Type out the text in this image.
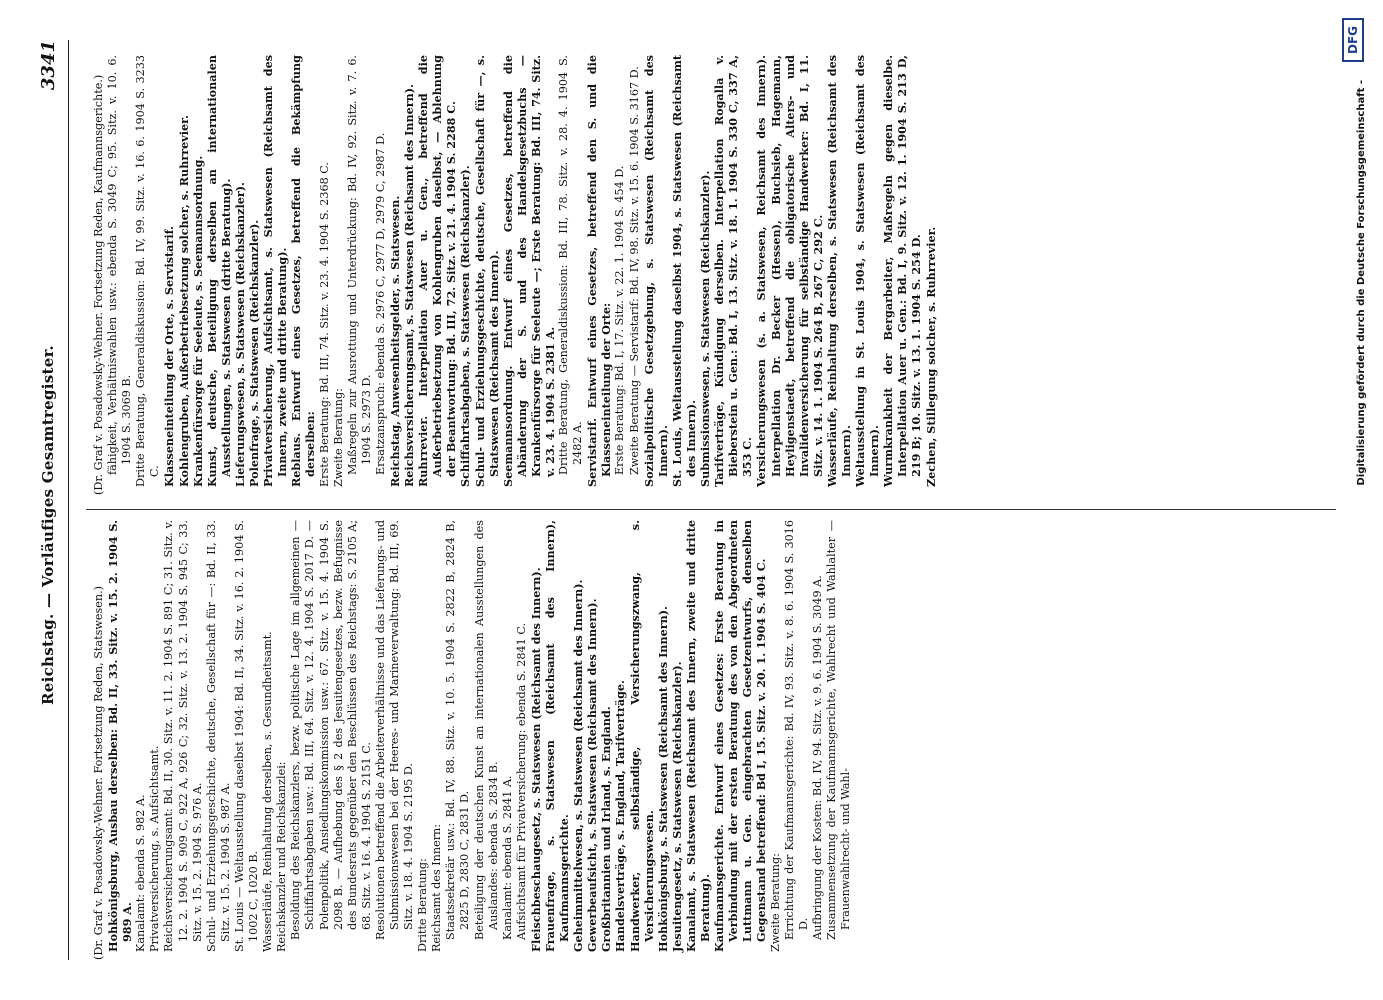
Reichstag. — Vorläufiges Gesamtregister.
3341

(Dr. Graf v. Posadowsky-Wehner. Fortsetzung Reden, Statswesen.) Hohkönigsburg, Ausbau derselben: Bd. II, 33. Sitz. v. 15. 2. 1904 S. 989 A. Kanalamt: ebenda S. 982 A. Privatversicherung, s. Aufsichtsamt. Reichsversicherungsamt: Bd. II, 30. Sitz. v. 11. 2. 1904 S. 891 C; 31. Sitz. v. 12. 2. 1904 S. 909 C, 922 A, 926 C; 32. Sitz. v. 13. 2. 1904 S. 945 C; 33. Sitz. v. 15. 2. 1904 S. 976 A. Schul- und Erziehungsgeschichte, deutsche, Gesellschaft für —: Bd. II, 33. Sitz. v. 15. 2. 1904 S. 987 A. St. Louis — Weltausstellung daselbst 1904: Bd. II, 34. Sitz. v. 16. 2. 1904 S. 1002 C, 1020 B. Wasserläufe, Reinhaltung derselben, s. Gesundheitsamt. Reichskanzler und Reichskanzlei: Besoldung des Reichskanzlers, bezw. politische Lage im allgemeinen — Schiffahrtsabgaben usw.: Bd. III, 64. Sitz. v. 12. 4. 1904 S. 2017 D. — Polenpolitik, Ansiedlungskommission usw.: 67. Sitz. v. 15. 4. 1904 S. 2098 B. — Aufhebung des § 2 des Jesuitengesetzes, bezw. Befugnisse des Bundesrats gegenüber den Beschlüssen des Reichstags: S. 2105 A; 68. Sitz. v. 16. 4. 1904 S. 2151 C. Resolutionen betreffend die Arbeiterverhältnisse und das Lieferungs- und Submissionswesen bei der Heeres- und Marineverwaltung: Bd. III, 69. Sitz. v. 18. 4. 1904 S. 2195 D. Dritte Beratung: Reichsamt des Innern: Staatssekretär usw.: Bd. IV, 88. Sitz. v. 10. 5. 1904 S. 2822 B, 2824 B, 2825 D, 2830 C, 2831 D. Beteiligung der deutschen Kunst an internationalen Ausstellungen des Auslandes: ebenda S. 2834 B. Kanalamt: ebenda S. 2841 A. Aufsichtsamt für Privatversicherung: ebenda S. 2841 C. Fleischbeschaugesetz, s. Statswesen (Reichsamt des Innern). Frauenfrage, s. Statswesen (Reichsamt des Innern), Kaufmannsgerichte. Geheimmittelwesen, s. Statswesen (Reichsamt des Innern). Gewerbeaufsicht, s. Statswesen (Reichsamt des Innern). Großbritannien und Irland, s. England. Handelsverträge, s. England, Tarifverträge. Handwerker, selbständige, Versicherungszwang, s. Versicherungswesen. Hohkönigsburg, s. Statswesen (Reichsamt des Innern). Jesuitengesetz, s. Statswesen (Reichskanzler). Kanalamt, s. Statswesen (Reichsamt des Innern, zweite und dritte Beratung). Kaufmannsgerichte. Entwurf eines Gesetzes: Erste Beratung in Verbindung mit der ersten Beratung des von den Abgeordneten Luttmann u. Gen. eingebrachten Gesetzentwurfs, denselben Gegenstand betreffend: Bd I, 15. Sitz. v. 20. 1. 1904 S. 404 C. Zweite Beratung: Errichtung der Kaufmannsgerichte: Bd. IV, 93. Sitz. v. 8. 6. 1904 S. 3016 D. Aufbringung der Kosten: Bd. IV, 94. Sitz. v. 9. 6. 1904 S. 3049 A. Zusammensetzung der Kaufmannsgerichte, Wahlrecht und Wahlalter — Frauenwahlrecht- und Wahl-

(Dr. Graf v. Posadowsky-Wehner. Fortsetzung Reden, Kaufmannsgerichte.) fähigkeit, Verhältniswahlen usw.: ebenda S. 3049 C; 95. Sitz. v. 10. 6. 1904 S. 3069 B. Dritte Beratung, Generaldiskussion: Bd. IV, 99. Sitz. v. 16. 6. 1904 S. 3233 C. Klasseneinteilung der Orte, s. Servistarif. Kohlengruben, Außerbetriebsetzung solcher, s. Ruhrrevier. Krankenfürsorge für Seeleute, s. Seemannsordnung. Kunst, deutsche, Beteiligung derselben an internationalen Ausstellungen, s. Statswesen (dritte Beratung). Lieferungswesen, s. Statswesen (Reichskanzler). Polenfrage, s. Statswesen (Reichskanzler). Privatversicherung, Aufsichtsamt, s. Statswesen (Reichsamt des Innern, zweite und dritte Beratung). Reblaus. Entwurf eines Gesetzes, betreffend die Bekämpfung derselben: Erste Beratung: Bd. III, 74. Sitz. v. 23. 4. 1904 S. 2368 C. Zweite Beratung: Maßregeln zur Ausrottung und Unterdrückung: Bd. IV, 92. Sitz. v. 7. 6. 1904 S. 2973 D. Ersatzanspruch: ebenda S. 2976 C, 2977 D, 2979 C, 2987 D. Reichstag, Anwesenheitsgelder, s. Statswesen. Reichsversicherungsamt, s. Statswesen (Reichsamt des Innern). Ruhrrevier. Interpellation Auer u. Gen., betreffend die Außerbetriebsetzung von Kohlengruben daselbst, — Ablehnung der Beantwortung: Bd. III, 72. Sitz. v. 21. 4. 1904 S. 2288 C. Schiffahrtsabgaben, s. Statswesen (Reichskanzler). Schul- und Erziehungsgeschichte, deutsche, Gesellschaft für —, s. Statswesen (Reichsamt des Innern). Seemannsordnung. Entwurf eines Gesetzes, betreffend die Abänderung der S. und des Handelsgesetzbuchs — Krankenfürsorge für Seeleute —; Erste Beratung: Bd. III, 74. Sitz. v. 23. 4. 1904 S. 2381 A. Dritte Beratung, Generaldiskussion: Bd. III, 78. Sitz. v. 28. 4. 1904 S. 2482 A. Servistarif. Entwurf eines Gesetzes, betreffend den S. und die Klasseneinteilung der Orte: Erste Beratung: Bd. I, 17. Sitz. v. 22. 1. 1904 S. 454 D. Zweite Beratung — Servistarif: Bd. IV, 98. Sitz. v. 15. 6. 1904 S. 3167 D. Sozialpolitische Gesetzgebung, s. Statswesen (Reichsamt des Innern). St. Louis, Weltausstellung daselbst 1904, s. Statswesen (Reichsamt des Innern). Submissionswesen, s. Statswesen (Reichskanzler). Tarifverträge, Kündigung derselben. Interpellation Rogalla v. Bieberstein u. Gen.: Bd. I, 13. Sitz. v. 18. 1. 1904 S. 330 C, 337 A, 353 C. Versicherungswesen (s. a. Statswesen, Reichsamt des Innern). Interpellation Dr. Becker (Hessen), Buchsieb, Hagemann, Heyligenstaedt, betreffend die obligatorische Alters- und Invalidenversicherung für selbständige Handwerker: Bd. I, 11. Sitz. v. 14. 1. 1904 S. 264 B, 267 C, 292 C. Wasserläufe, Reinhaltung derselben, s. Statswesen (Reichsamt des Innern). Weltausstellung in St. Louis 1904, s. Statswesen (Reichsamt des Innern). Wurmkrankheit der Bergarbeiter, Maßregeln gegen dieselbe. Interpellation Auer u. Gen.: Bd. I, 9. Sitz. v. 12. 1. 1904 S. 213 D, 219 B; 10. Sitz. v. 13. 1. 1904 S. 254 D. Zechen, Stillegung solcher, s. Ruhrrevier.	Digitalisierung gefördert durch die Deutsche Forschungsgemeinschaft -
DFG
